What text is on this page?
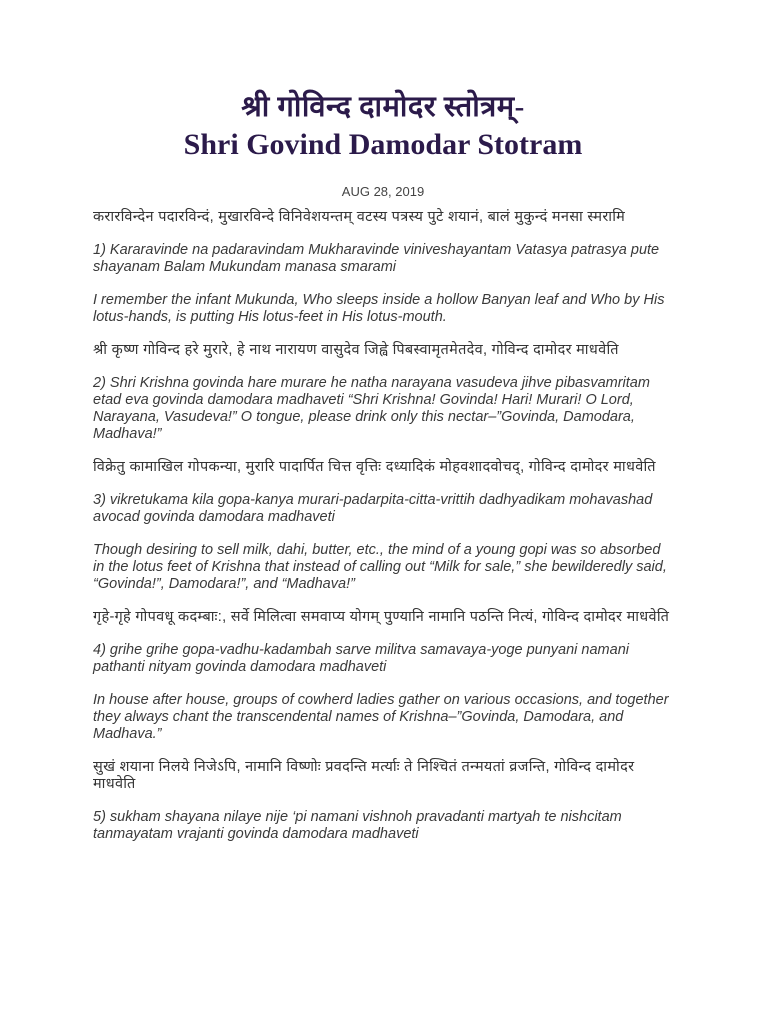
श्री गोविन्द दामोदर स्तोत्रम्-
Shri Govind Damodar Stotram
AUG 28, 2019

करारविन्देन पदारविन्दं, मुखारविन्दे विनिवेशयन्तम् वटस्य पत्रस्य पुटे शयानं, बालं मुकुन्दं मनसा स्मरामि

1) Kararavinde na padaravindam Mukharavinde viniveshayantam Vatasya patrasya pute shayanam Balam Mukundam manasa smarami

I remember the infant Mukunda, Who sleeps inside a hollow Banyan leaf and Who by His lotus-hands, is putting His lotus-feet in His lotus-mouth.

श्री कृष्ण गोविन्द हरे मुरारे, हे नाथ नारायण वासुदेव जिह्वे पिबस्वामृतमेतदेव, गोविन्द दामोदर माधवेति

2) Shri Krishna govinda hare murare he natha narayana vasudeva jihve pibasvamritam etad eva govinda damodara madhaveti “Shri Krishna! Govinda! Hari! Murari! O Lord, Narayana, Vasudeva!” O tongue, please drink only this nectar–”Govinda, Damodara, Madhava!”

विक्रेतु कामाखिल गोपकन्या, मुरारि पादार्पित चित्त वृत्तिः दध्यादिकं मोहवशादवोचद्, गोविन्द दामोदर माधवेति

3) vikretukama kila gopa-kanya murari-padarpita-citta-vrittih dadhyadikam mohavashad avocad govinda damodara madhaveti

Though desiring to sell milk, dahi, butter, etc., the mind of a young gopi was so absorbed in the lotus feet of Krishna that instead of calling out “Milk for sale,” she bewilderedly said, “Govinda!”, Damodara!”, and “Madhava!”

गृहे-गृहे गोपवधू कदम्बाः:, सर्वे मिलित्वा समवाप्य योगम् पुण्यानि नामानि पठन्ति नित्यं, गोविन्द दामोदर माधवेति

4) grihe grihe gopa-vadhu-kadambah sarve militva samavaya-yoge punyani namani pathanti nityam govinda damodara madhaveti

In house after house, groups of cowherd ladies gather on various occasions, and together they always chant the transcendental names of Krishna–”Govinda, Damodara, and Madhava.”

सुखं शयाना निलये निजेऽपि, नामानि विष्णोः प्रवदन्ति मर्त्याः ते निश्चितं तन्मयतां व्रजन्ति, गोविन्द दामोदर माधवेति

5) sukham shayana nilaye nije ‘pi namani vishnoh pravadanti martyah te nishcitam tanmayatam vrajanti govinda damodara madhaveti
